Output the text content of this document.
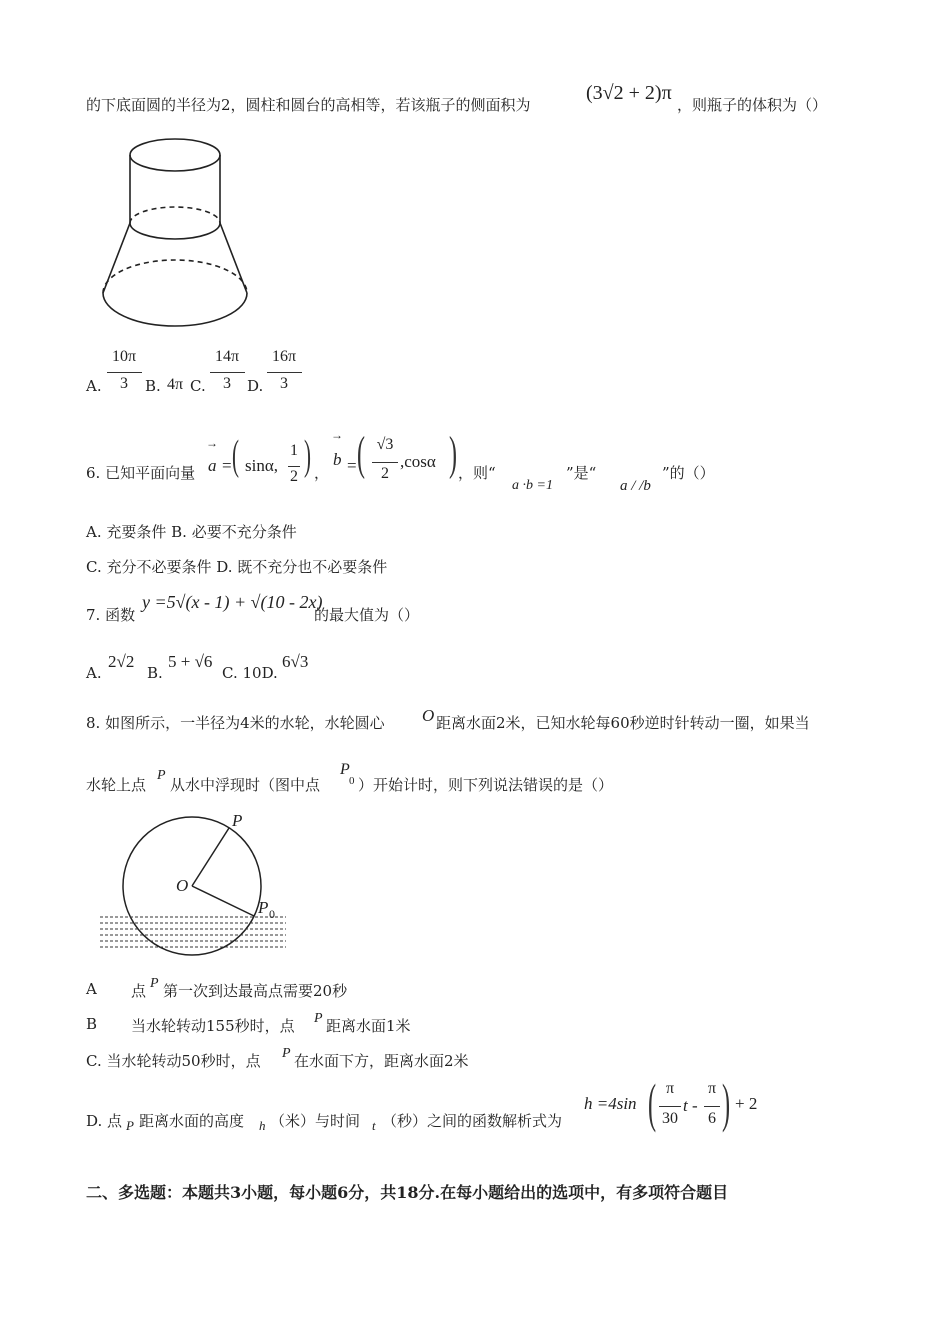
的下底面圆的半径为2，圆柱和圆台的高相等，若该瓶子的侧面积为
(3√2 + 2)π
，则瓶子的体积为（）
A.
10π
3	B. 4π C.
14π
3	D.
16π
3
6. 已知平面向量
→
a = ( sinα,
1
2 ) ，
→
b = ( √3
2
,cosα ) ，则“
a ·b =1
”是“
a / /b
”的（）
A. 充要条件 B. 必要不充分条件
C. 充分不必要条件 D. 既不充分也不必要条件
7. 函数
y =5√(x - 1) + √(10 - 2x)
的最大值为（）
A.
2√2
B.
5 + √6
C. 10D.
6√3
8. 如图所示，一半径为4米的水轮，水轮圆心 O 距离水面2米，已知水轮每60秒逆时针转动一圈，如果当
水轮上点
P
从水中浮现时（图中点
P
0 ）开始计时，则下列说法错误的是（）
P
O
P 0
A 点 P 第一次到达最高点需要20秒
B 当水轮转动155秒时，点 P 距离水面1米
C. 当水轮转动50秒时，点 P 在水面下方，距离水面2米
D. 点 P 距离水面的高度 h （米）与时间 t （秒）之间的函数解析式为
h =4sin ( π
30
t -
π
6 ) + 2
二、多选题：本题共3小题，每小题6分，共18分.在每小题给出的选项中，有多项符合题目
